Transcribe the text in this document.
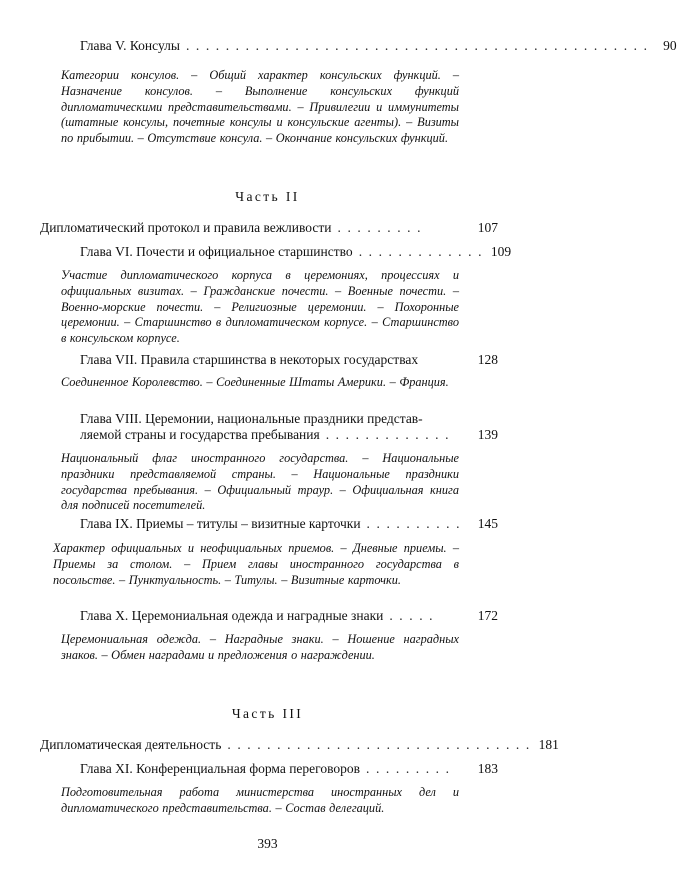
Глава V. Консулы . . . . . . . . . . . . . . . . . . . . . . . . . . . . . . . . . . . . . . . . . . . . . . .	90
Категории консулов. – Общий характер консульских функций. – Назначение консулов. – Выполнение консульских функций дипломатическими представительствами. – Привилегии и иммунитеты (штатные консулы, почетные консулы и консульские агенты). – Визиты по прибытии. – Отсутствие консула. – Окончание консульских функций.
Часть II
Дипломатический протокол и правила вежливости . . . . . . . . .	107
Глава VI. Почести и официальное старшинство . . . . . . . . . . . . . 109
Участие дипломатического корпуса в церемониях, процессиях и официальных визитах. – Гражданские почести. – Военные почести. – Военно-морские почести. – Религиозные церемонии. – Похоронные церемонии. – Старшинство в дипломатическом корпусе. – Старшинство в консульском корпусе.
Глава VII. Правила старшинства в некоторых государствах	128
Соединенное Королевство. – Соединенные Штаты Америки. – Франция.
Глава VIII. Церемонии, национальные праздники представ-
ляемой страны и государства пребывания . . . . . . . . . . . . .	139
Национальный флаг иностранного государства. – Национальные праздники представляемой страны. – Национальные праздники государства пребывания. – Официальный траур. – Официальная книга для подписей посетителей.
Глава IX. Приемы – титулы – визитные карточки . . . . . . . . . .	145
Характер официальных и неофициальных приемов. – Дневные приемы. – Приемы за столом. – Прием главы иностранного государства в посольстве. – Пунктуальность. – Титулы. – Визитные карточки.
Глава X. Церемониальная одежда и наградные знаки . . . . .	172
Церемониальная одежда. – Наградные знаки. – Ношение наградных знаков. – Обмен наградами и предложения о награждении.
Часть III
Дипломатическая деятельность . . . . . . . . . . . . . . . . . . . . . . . . . . . . . . . 181
Глава XI. Конференциальная форма переговоров . . . . . . . . .	183
Подготовительная работа министерства иностранных дел и дипломатического представительства. – Состав делегаций.
393
